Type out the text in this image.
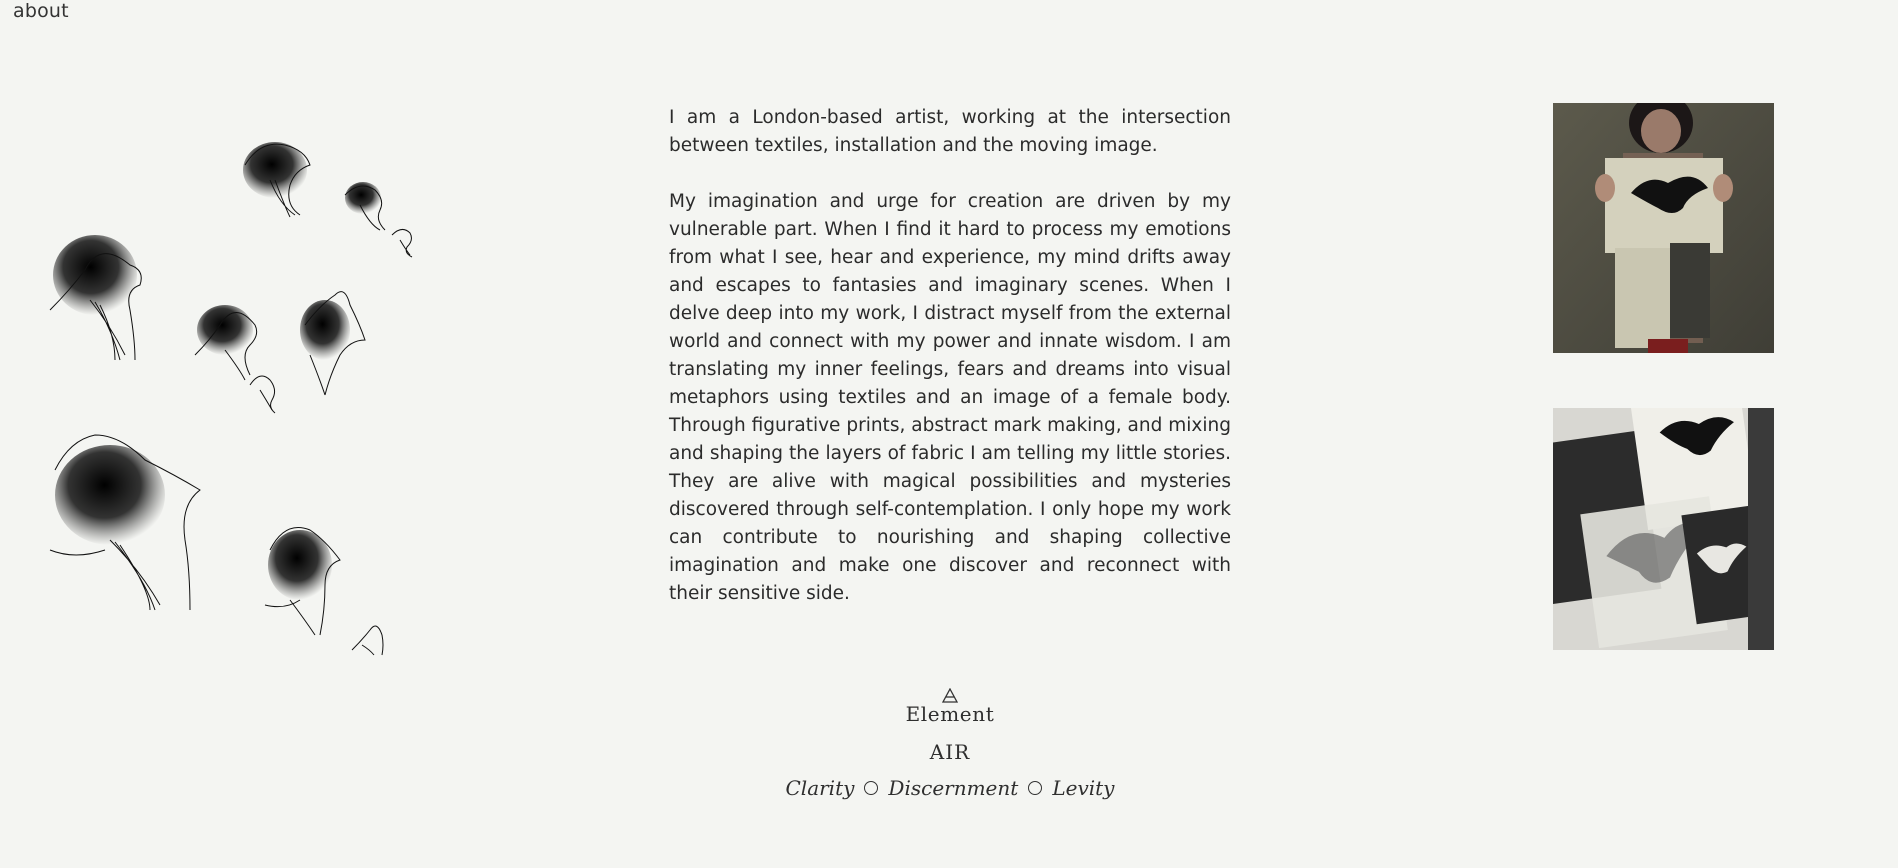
about

I am a London-based artist, working at the intersection between textiles, installation and the moving image.

My imagination and urge for creation are driven by my vulnerable part. When I find it hard to process my emotions from what I see, hear and experience, my mind drifts away and escapes to fantasies and imaginary scenes. When I delve deep into my work, I distract myself from the external world and connect with my power and innate wisdom. I am translating my inner feelings, fears and dreams into visual metaphors using textiles and an image of a female body. Through figurative prints, abstract mark making, and mixing and shaping the layers of fabric I am telling my little stories. They are alive with magical possibilities and mysteries discovered through self-contemplation. I only hope my work can contribute to nourishing and shaping collective imagination and make one discover and reconnect with their sensitive side.

Element
AIR
Clarity Discernment Levity
